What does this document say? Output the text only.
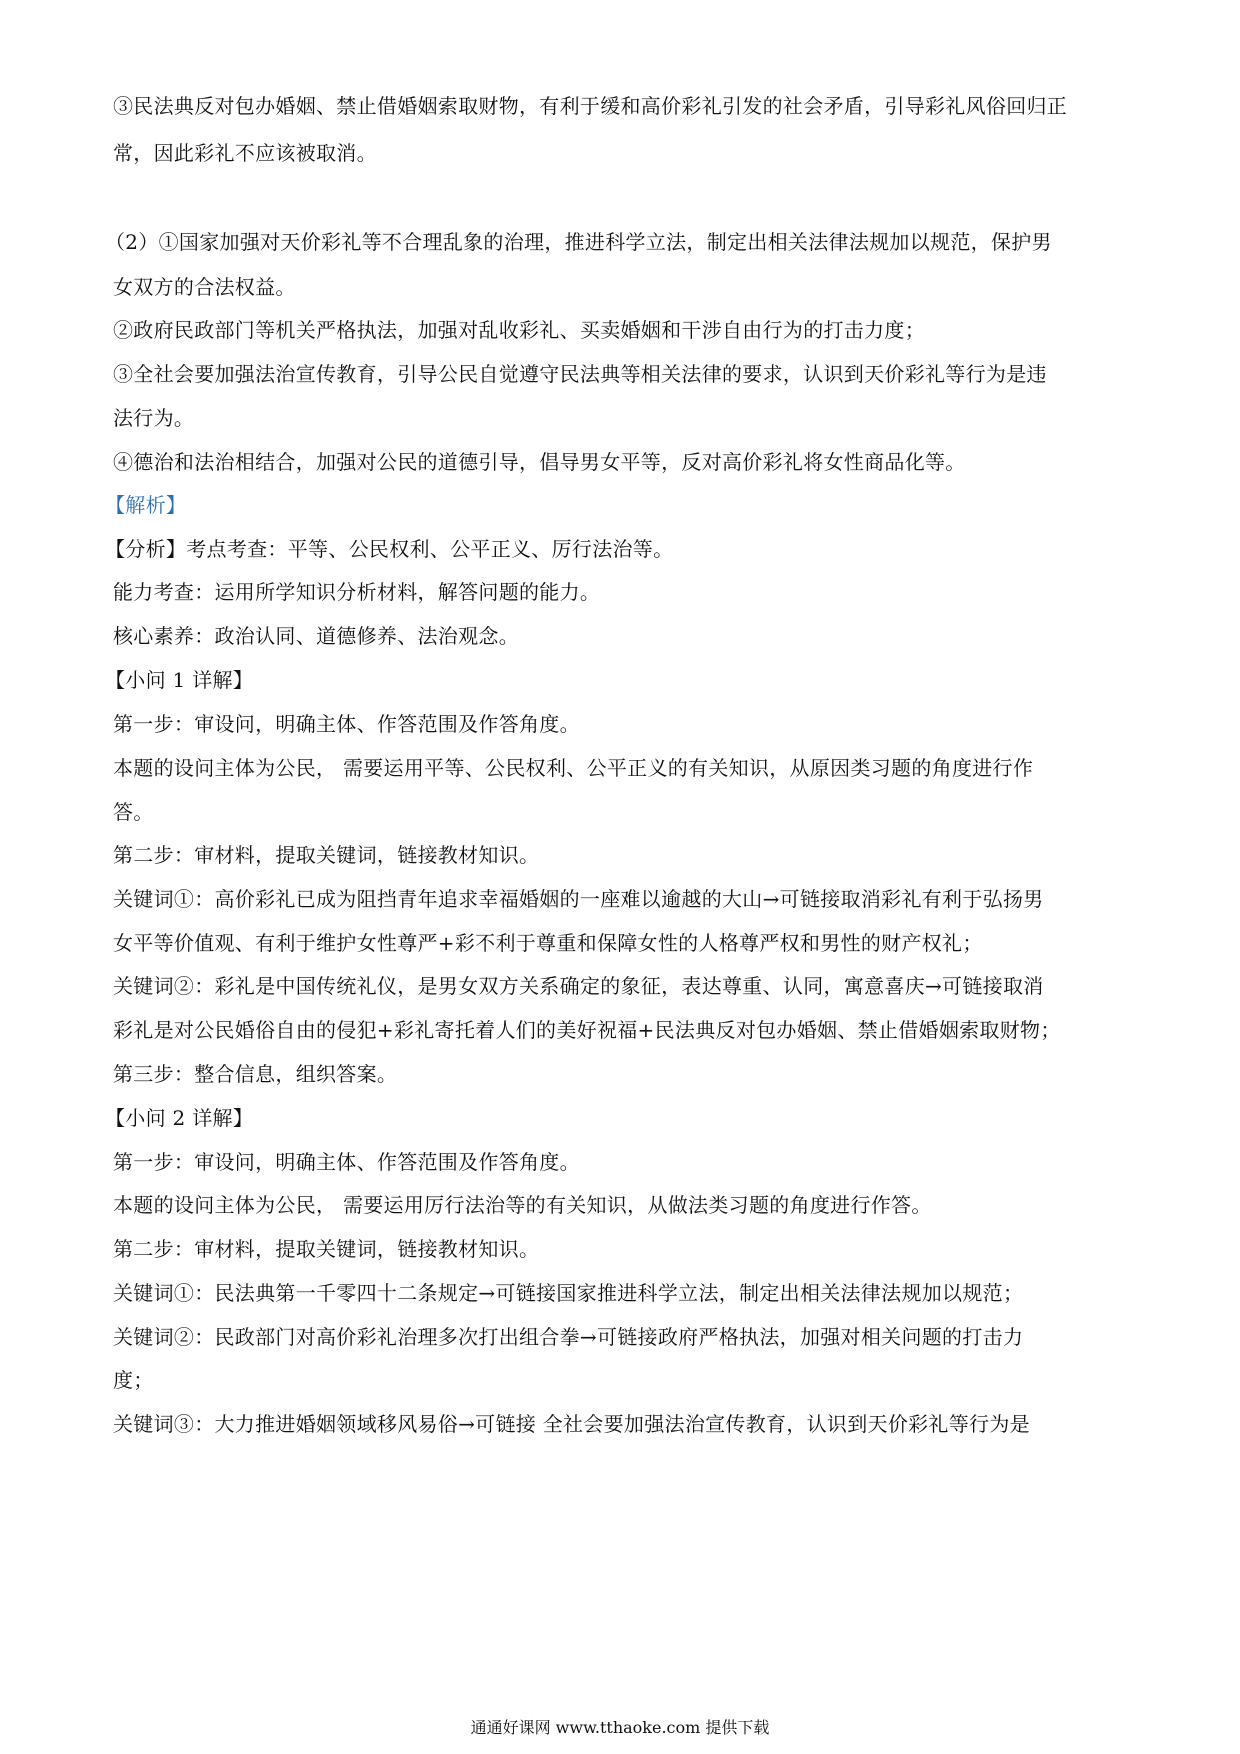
③民法典反对包办婚姻、禁止借婚姻索取财物，有利于缓和高价彩礼引发的社会矛盾，引导彩礼风俗回归正
常，因此彩礼不应该被取消。
（2）①国家加强对天价彩礼等不合理乱象的治理，推进科学立法，制定出相关法律法规加以规范，保护男
女双方的合法权益。
②政府民政部门等机关严格执法，加强对乱收彩礼、买卖婚姻和干涉自由行为的打击力度；
③全社会要加强法治宣传教育，引导公民自觉遵守民法典等相关法律的要求，认识到天价彩礼等行为是违
法行为。
④德治和法治相结合，加强对公民的道德引导，倡导男女平等，反对高价彩礼将女性商品化等。
【解析】
【分析】考点考查：平等、公民权利、公平正义、厉行法治等。
能力考查：运用所学知识分析材料，解答问题的能力。
核心素养：政治认同、道德修养、法治观念。
【小问 1 详解】
第一步：审设问，明确主体、作答范围及作答角度。
本题的设问主体为公民， 需要运用平等、公民权利、公平正义的有关知识，从原因类习题的角度进行作
答。
第二步：审材料，提取关键词，链接教材知识。
关键词①：高价彩礼已成为阻挡青年追求幸福婚姻的一座难以逾越的大山→可链接取消彩礼有利于弘扬男
女平等价值观、有利于维护女性尊严+彩不利于尊重和保障女性的人格尊严权和男性的财产权礼；
关键词②：彩礼是中国传统礼仪，是男女双方关系确定的象征，表达尊重、认同，寓意喜庆→可链接取消
彩礼是对公民婚俗自由的侵犯+彩礼寄托着人们的美好祝福+民法典反对包办婚姻、禁止借婚姻索取财物；
第三步：整合信息，组织答案。
【小问 2 详解】
第一步：审设问，明确主体、作答范围及作答角度。
本题的设问主体为公民， 需要运用厉行法治等的有关知识，从做法类习题的角度进行作答。
第二步：审材料，提取关键词，链接教材知识。
关键词①：民法典第一千零四十二条规定→可链接国家推进科学立法，制定出相关法律法规加以规范；
关键词②：民政部门对高价彩礼治理多次打出组合拳→可链接政府严格执法，加强对相关问题的打击力
度；
关键词③：大力推进婚姻领域移风易俗→可链接 全社会要加强法治宣传教育，认识到天价彩礼等行为是
通通好课网 www.tthaoke.com 提供下载
